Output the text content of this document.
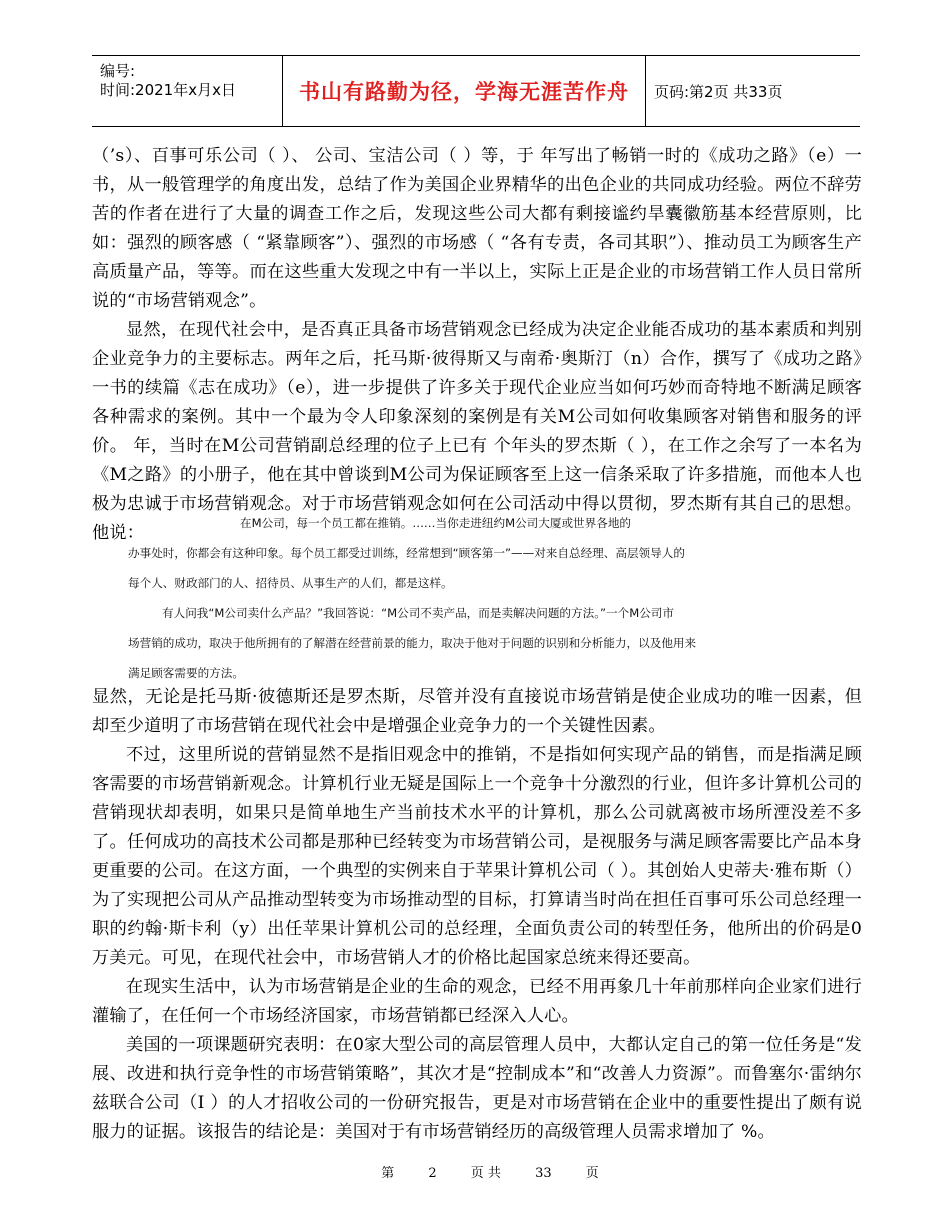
编号:
时间:2021年x月x日	书山有路勤为径，学海无涯苦作舟	页码:第2页 共33页

（’s）、百事可乐公司（ ）、 公司、宝洁公司（ ）等，于 年写出了畅销一时的《成功之路》（e）一书，从一般管理学的角度出发，总结了作为美国企业界精华的出色企业的共同成功经验。两位不辞劳苦的作者在进行了大量的调查工作之后，发现这些公司大都有剩接谧约旱囊徽筋基本经营原则，比如：强烈的顾客感（ “紧靠顾客”）、强烈的市场感（ “各有专责，各司其职”）、推动员工为顾客生产高质量产品，等等。而在这些重大发现之中有一半以上，实际上正是企业的市场营销工作人员日常所说的“市场营销观念”。

显然，在现代社会中，是否真正具备市场营销观念已经成为决定企业能否成功的基本素质和判别企业竞争力的主要标志。两年之后，托马斯·彼得斯又与南希·奥斯汀（n）合作，撰写了《成功之路》一书的续篇《志在成功》（e），进一步提供了许多关于现代企业应当如何巧妙而奇特地不断满足顾客各种需求的案例。其中一个最为令人印象深刻的案例是有关M公司如何收集顾客对销售和服务的评价。 年，当时在M公司营销副总经理的位子上已有 个年头的罗杰斯（ ），在工作之余写了一本名为《M之路》的小册子，他在其中曾谈到M公司为保证顾客至上这一信条采取了许多措施，而他本人也极为忠诚于市场营销观念。对于市场营销观念如何在公司活动中得以贯彻，罗杰斯有其自己的思想。他说：	在M公司，每一个员工都在推销。……当你走进纽约M公司大厦或世界各地的

办事处时，你都会有这种印象。每个员工都受过训练，经常想到“顾客第一”——对来自总经理、高层领导人的

每个人、财政部门的人、招待员、从事生产的人们，都是这样。

有人问我“M公司卖什么产品？”我回答说：“M公司不卖产品，而是卖解决问题的方法。”一个M公司市

场营销的成功，取决于他所拥有的了解潜在经营前景的能力，取决于他对于问题的识别和分析能力，以及他用来

满足顾客需要的方法。

显然，无论是托马斯·彼德斯还是罗杰斯，尽管并没有直接说市场营销是使企业成功的唯一因素，但却至少道明了市场营销在现代社会中是增强企业竞争力的一个关键性因素。

不过，这里所说的营销显然不是指旧观念中的推销，不是指如何实现产品的销售，而是指满足顾客需要的市场营销新观念。计算机行业无疑是国际上一个竞争十分激烈的行业，但许多计算机公司的营销现状却表明，如果只是简单地生产当前技术水平的计算机，那么公司就离被市场所湮没差不多了。任何成功的高技术公司都是那种已经转变为市场营销公司，是视服务与满足顾客需要比产品本身更重要的公司。在这方面，一个典型的实例来自于苹果计算机公司（ ）。其创始人史蒂夫·雅布斯（） 为了实现把公司从产品推动型转变为市场推动型的目标，打算请当时尚在担任百事可乐公司总经理一职的约翰·斯卡利（y）出任苹果计算机公司的总经理，全面负责公司的转型任务，他所出的价码是0万美元。可见，在现代社会中，市场营销人才的价格比起国家总统来得还要高。

在现实生活中，认为市场营销是企业的生命的观念，已经不用再象几十年前那样向企业家们进行灌输了，在任何一个市场经济国家，市场营销都已经深入人心。

美国的一项课题研究表明：在0家大型公司的高层管理人员中，大都认定自己的第一位任务是“发展、改进和执行竞争性的市场营销策略”，其次才是“控制成本”和“改善人力资源”。而鲁塞尔·雷纳尔兹联合公司（I ）的人才招收公司的一份研究报告，更是对市场营销在企业中的重要性提出了颇有说服力的证据。该报告的结论是：美国对于有市场营销经历的高级管理人员需求增加了 %。

第	2	页 共	33	页
